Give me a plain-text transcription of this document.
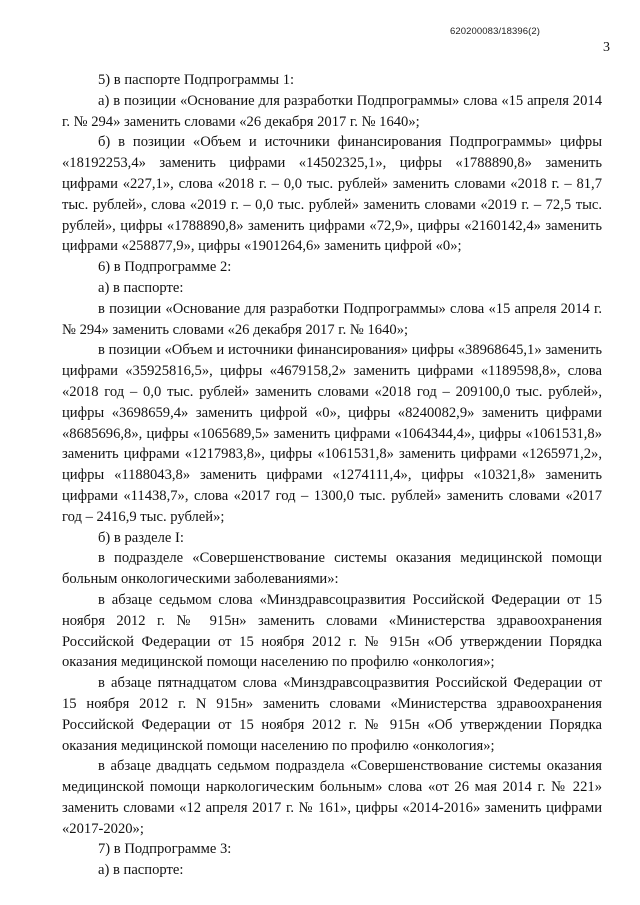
620200083/18396(2)
3

5) в паспорте Подпрограммы 1:

а) в позиции «Основание для разработки Подпрограммы» слова «15 апреля 2014 г. № 294» заменить словами «26 декабря 2017 г. № 1640»;

б) в позиции «Объем и источники финансирования Подпрограммы» цифры «18192253,4» заменить цифрами «14502325,1», цифры «1788890,8» заменить цифрами «227,1», слова «2018 г. – 0,0 тыс. рублей» заменить словами «2018 г. – 81,7 тыс. рублей», слова «2019 г. – 0,0 тыс. рублей» заменить словами «2019 г. – 72,5 тыс. рублей», цифры «1788890,8» заменить цифрами «72,9», цифры «2160142,4» заменить цифрами «258877,9», цифры «1901264,6» заменить цифрой «0»;

6) в Подпрограмме 2:

а) в паспорте:

в позиции «Основание для разработки Подпрограммы» слова «15 апреля 2014 г. № 294» заменить словами «26 декабря 2017 г. № 1640»;

в позиции «Объем и источники финансирования» цифры «38968645,1» заменить цифрами «35925816,5», цифры «4679158,2» заменить цифрами «1189598,8», слова «2018 год – 0,0 тыс. рублей» заменить словами «2018 год – 209100,0 тыс. рублей», цифры «3698659,4» заменить цифрой «0», цифры «8240082,9» заменить цифрами «8685696,8», цифры «1065689,5» заменить цифрами «1064344,4», цифры «1061531,8» заменить цифрами «1217983,8», цифры «1061531,8» заменить цифрами «1265971,2», цифры «1188043,8» заменить цифрами «1274111,4», цифры «10321,8» заменить цифрами «11438,7», слова «2017 год – 1300,0 тыс. рублей» заменить словами «2017 год – 2416,9 тыс. рублей»;

б) в разделе I:

в подразделе «Совершенствование системы оказания медицинской помощи больным онкологическими заболеваниями»:

в абзаце седьмом слова «Минздравсоцразвития Российской Федерации от 15 ноября 2012 г. № 915н» заменить словами «Министерства здравоохранения Российской Федерации от 15 ноября 2012 г. № 915н «Об утверждении Порядка оказания медицинской помощи населению по профилю «онкология»;

в абзаце пятнадцатом слова «Минздравсоцразвития Российской Федерации от 15 ноября 2012 г. N 915н» заменить словами «Министерства здравоохранения Российской Федерации от 15 ноября 2012 г. № 915н «Об утверждении Порядка оказания медицинской помощи населению по профилю «онкология»;

в абзаце двадцать седьмом подраздела «Совершенствование системы оказания медицинской помощи наркологическим больным» слова «от 26 мая 2014 г. № 221» заменить словами «12 апреля 2017 г. № 161», цифры «2014-2016» заменить цифрами «2017-2020»;

7) в Подпрограмме 3:

а) в паспорте:
